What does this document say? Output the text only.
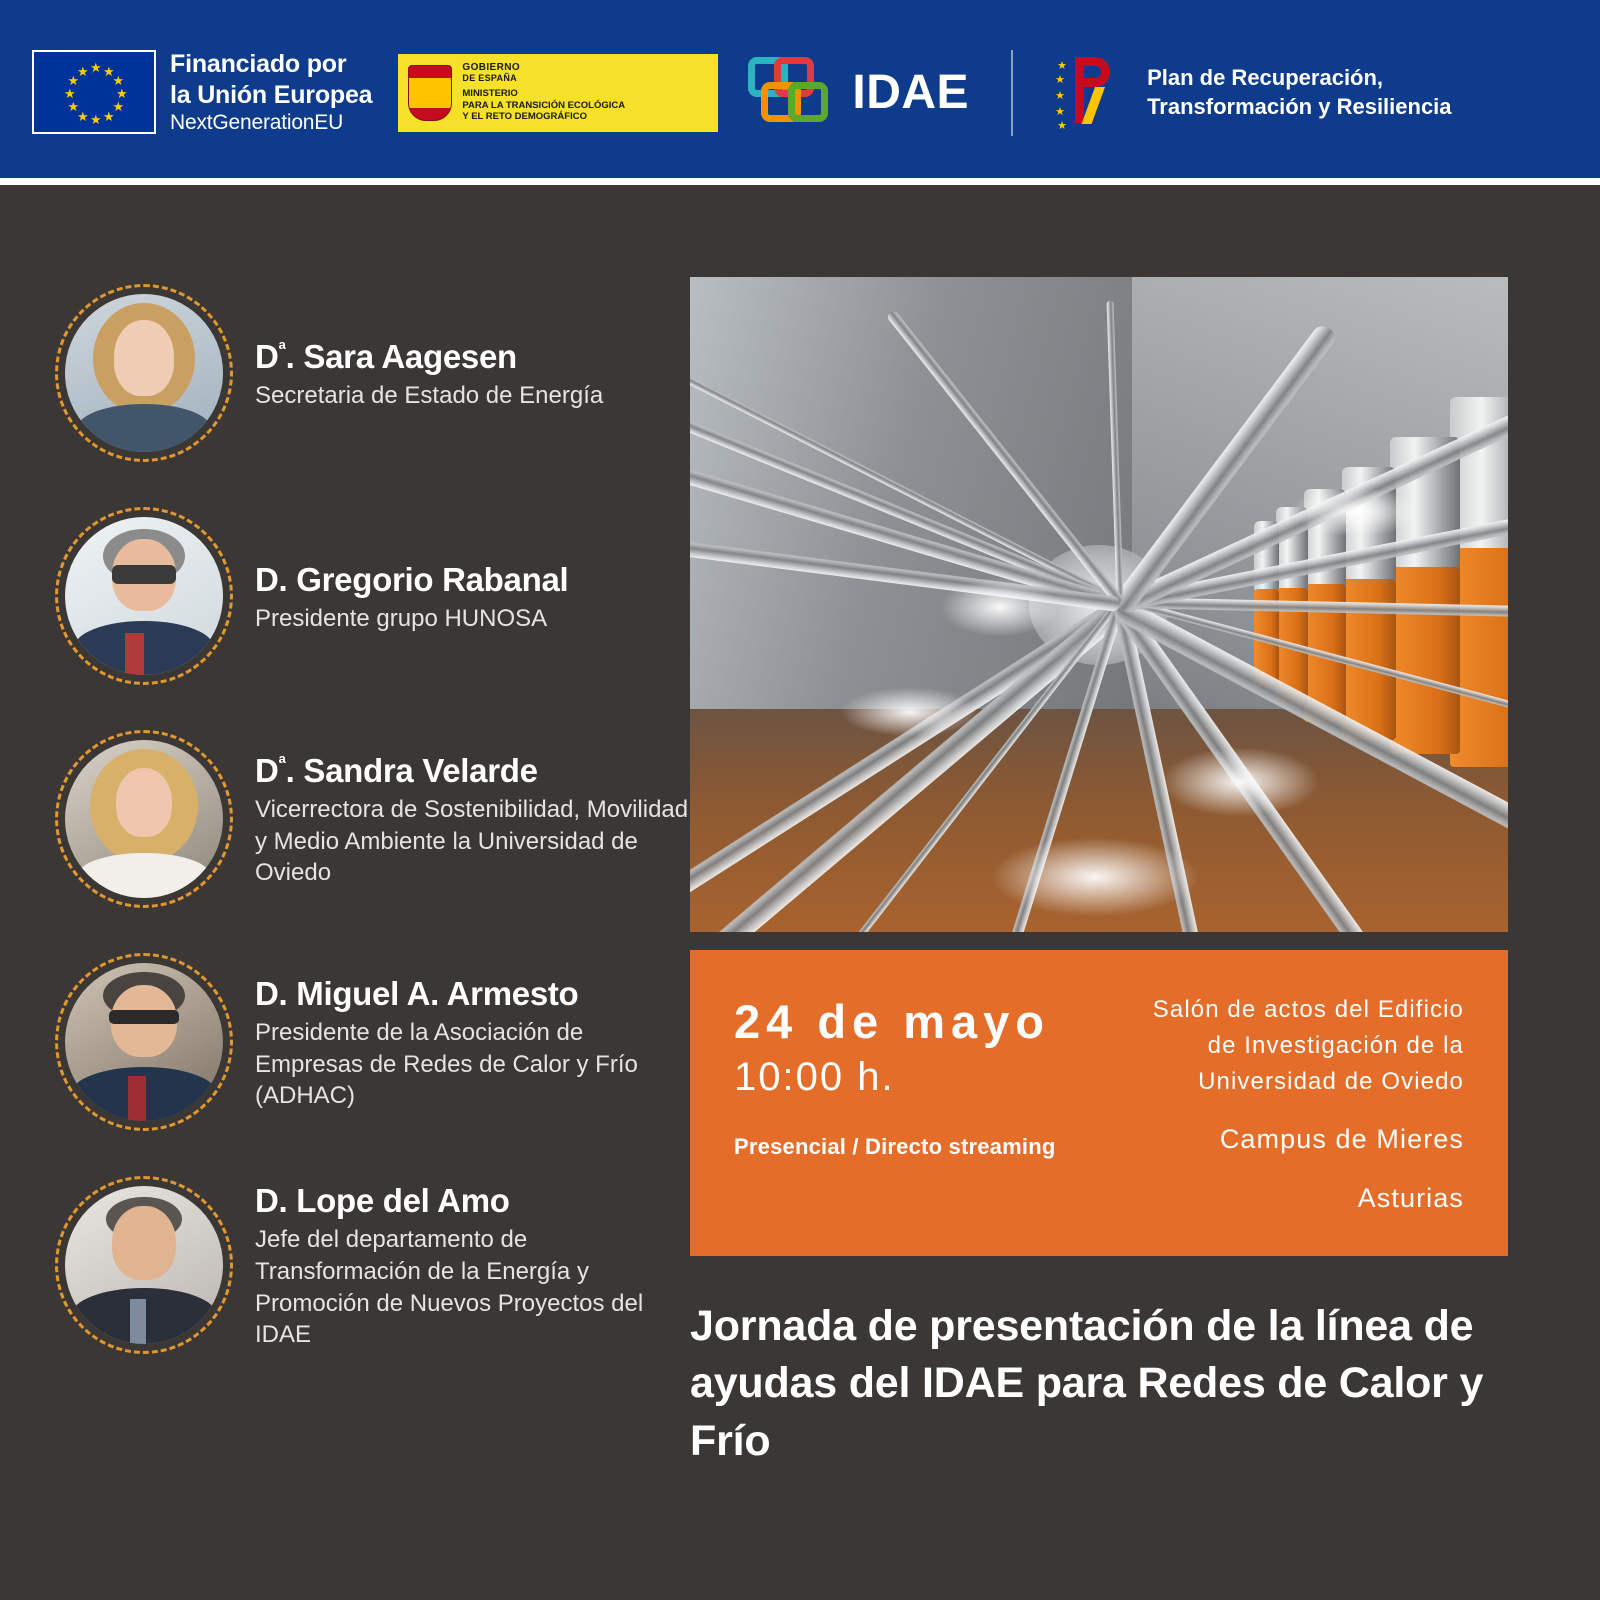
★ ★
★
★
★
★
★
★
★
★
★
★	Financiado por
la Unión Europea
NextGenerationEU
GOBIERNO
DE ESPAÑA
MINISTERIO
PARA LA TRANSICIÓN ECOLÓGICA
Y EL RETO DEMOGRÁFICO	IDAE
★
★
★
★
★
Plan de Recuperación,
Transformación y Resiliencia
$D^ª$. Sara Aagesen
Secretaria de Estado de Energía
D. Gregorio Rabanal
Presidente grupo HUNOSA
$D^ª$. Sandra Velarde
Vicerrectora de Sostenibilidad, Movilidad y Medio Ambiente la Universidad de Oviedo
D. Miguel A. Armesto
Presidente de la Asociación de Empresas de Redes de Calor y Frío (ADHAC)
D. Lope del Amo
Jefe del departamento de Transformación de la Energía y Promoción de Nuevos Proyectos del IDAE
24 de mayo
10:00 h.
Presencial / Directo streaming
Salón de actos del Edificio
de Investigación de la
Universidad de Oviedo
Campus de Mieres
Asturias
Jornada de presentación de la línea de ayudas del IDAE para Redes de Calor y Frío
